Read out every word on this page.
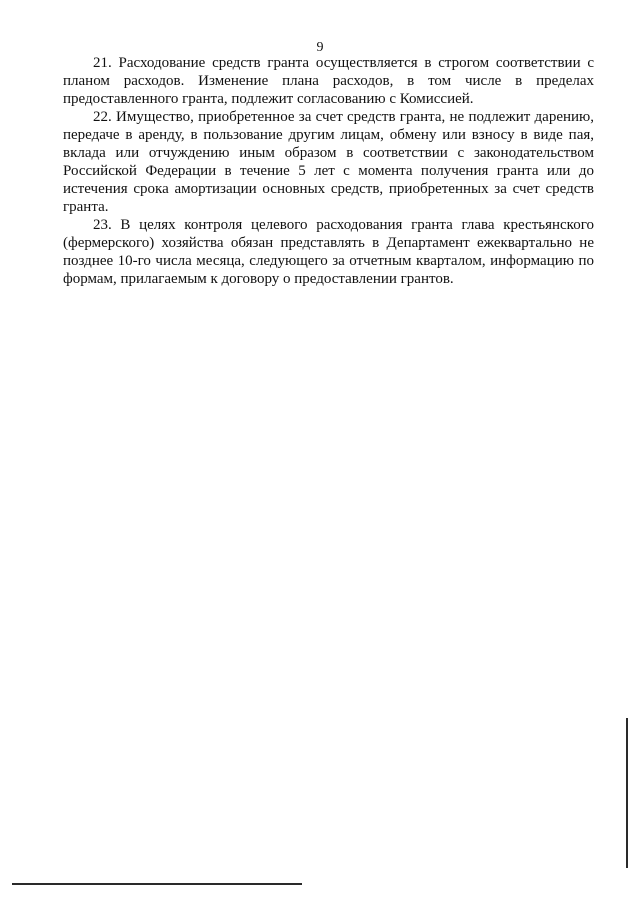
9

21. Расходование средств гранта осуществляется в строгом соответствии с планом расходов. Изменение плана расходов, в том числе в пределах предоставленного гранта, подлежит согласованию с Комиссией.

22. Имущество, приобретенное за счет средств гранта, не подлежит дарению, передаче в аренду, в пользование другим лицам, обмену или взносу в виде пая, вклада или отчуждению иным образом в соответствии с законодательством Российской Федерации в течение 5 лет с момента получения гранта или до истечения срока амортизации основных средств, приобретенных за счет средств гранта.

23. В целях контроля целевого расходования гранта глава крестьянского (фермерского) хозяйства обязан представлять в Департамент ежеквартально не позднее 10-го числа месяца, следующего за отчетным кварталом, информацию по формам, прилагаемым к договору о предоставлении грантов.
